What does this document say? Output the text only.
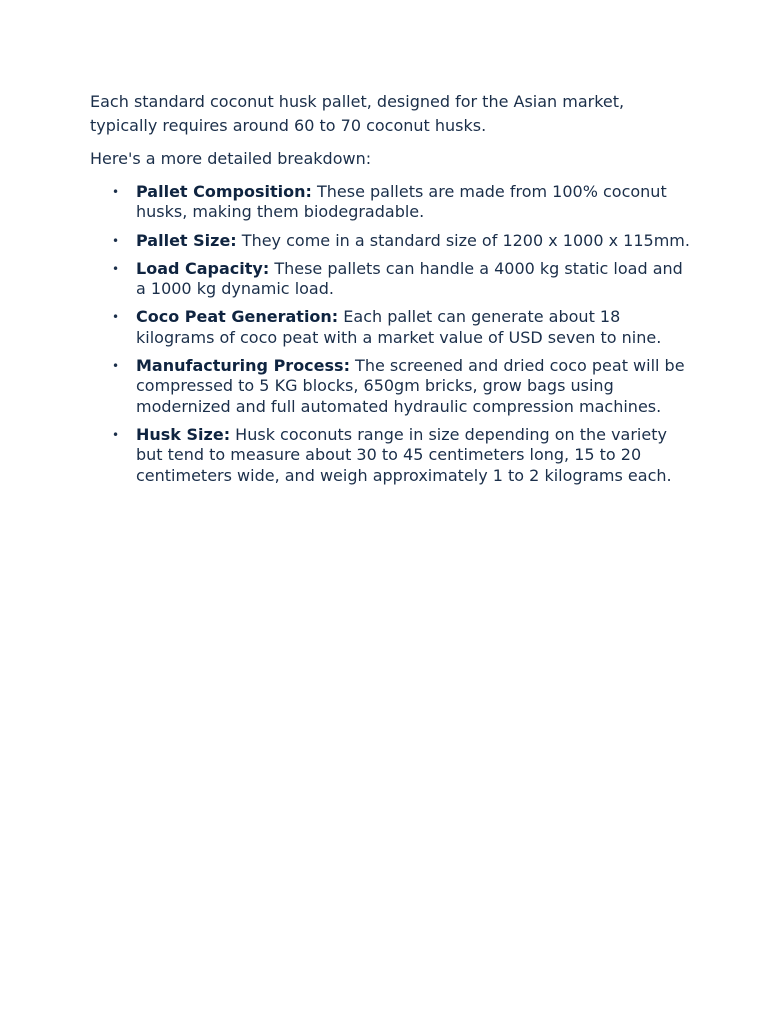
Each standard coconut husk pallet, designed for the Asian market, typically requires around 60 to 70 coconut husks.

Here's a more detailed breakdown:

• Pallet Composition: These pallets are made from 100% coconut husks, making them biodegradable.
• Pallet Size: They come in a standard size of 1200 x 1000 x 115mm.
• Load Capacity: These pallets can handle a 4000 kg static load and a 1000 kg dynamic load.
• Coco Peat Generation: Each pallet can generate about 18 kilograms of coco peat with a market value of USD seven to nine.
• Manufacturing Process: The screened and dried coco peat will be compressed to 5 KG blocks, 650gm bricks, grow bags using modernized and full automated hydraulic compression machines.
• Husk Size: Husk coconuts range in size depending on the variety but tend to measure about 30 to 45 centimeters long, 15 to 20 centimeters wide, and weigh approximately 1 to 2 kilograms each.
